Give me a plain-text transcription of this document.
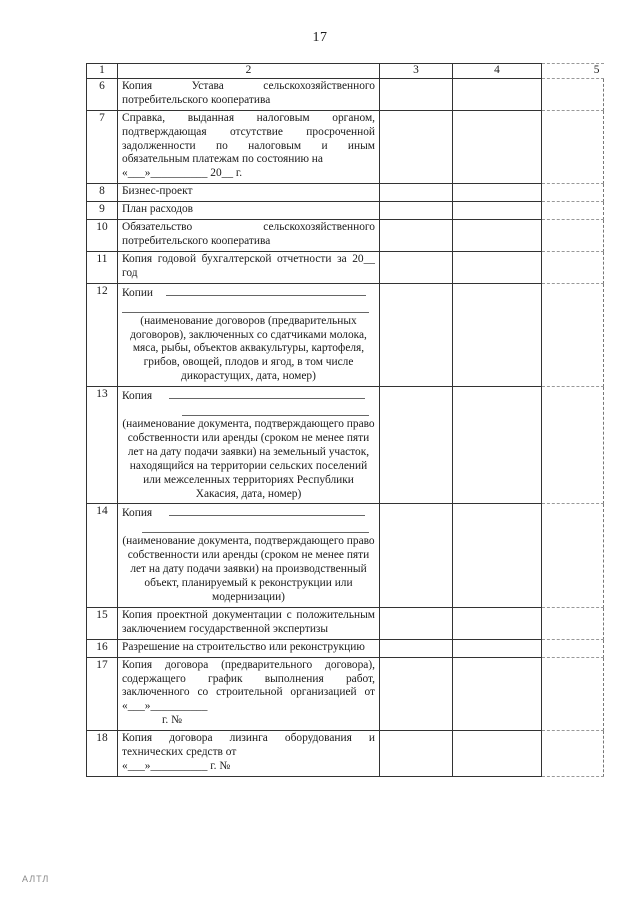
17
1	2	3	4	5
6	Копия Устава сельскохозяйственного потребительского кооператива			
7	Справка, выданная налоговым органом, подтверждающая отсутствие просроченной задолженности по налоговым и иным обязательным платежам по состоянию на
«___»__________ 20__ г.			
8	Бизнес-проект			
9	План расходов			
10	Обязательство сельскохозяйственного потребительского кооператива			
11	Копия годовой бухгалтерской отчетности за 20__ год			
12	Копии
(наименование договоров (предварительных договоров), заключенных со сдатчиками молока, мяса, рыбы, объектов аквакультуры, картофеля, грибов, овощей, плодов и ягод, в том числе дикорастущих, дата, номер)			

13	Копия
(наименование документа, подтверждающего право собственности или аренды (сроком не менее пяти лет на дату подачи заявки) на земельный участок, находящийся на территории сельских поселений или межселенных территориях Республики Хакасия, дата, номер)			

14	Копия
(наименование документа, подтверждающего право собственности или аренды (сроком не менее пяти лет на дату подачи заявки) на производственный объект, планируемый к реконструкции или модернизации)			

15	Копия проектной документации с положительным заключением государственной экспертизы			
16	Разрешение на строительство или реконструкцию			
17	Копия договора (предварительного договора), содержащего график выполнения работ, заключенного со строительной организацией от «___»__________
г. №			

18	Копия договора лизинга оборудования и технических средств от
«___»__________ г. №			
АЛТЛ
